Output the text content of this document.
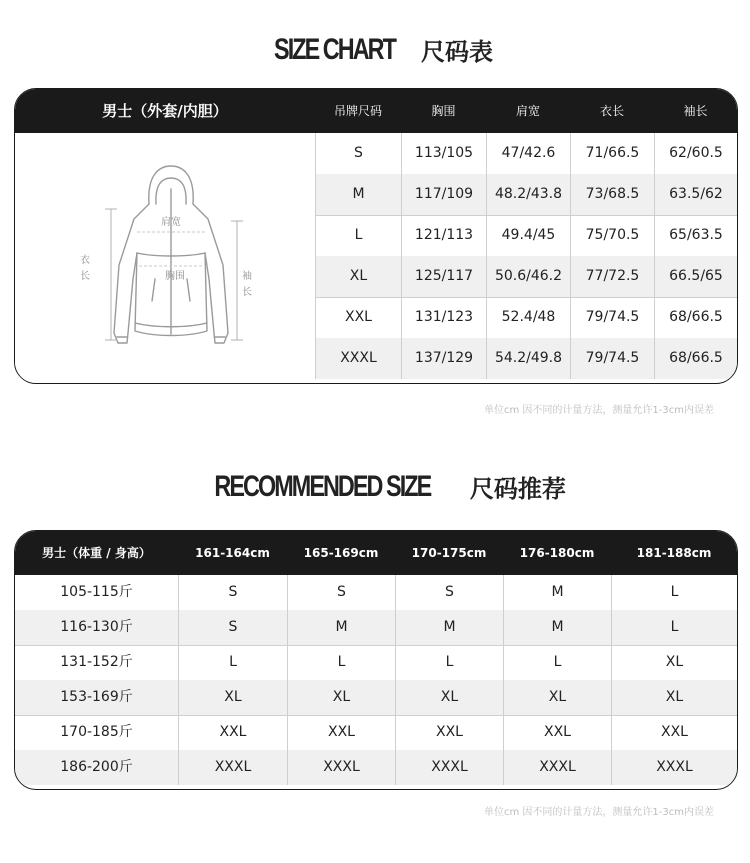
SIZE CHART 尺码表
男士（外套/内胆）	吊牌尺码	胸围	肩宽	衣长	袖长
肩宽
胸围
衣
长	袖
长
S	113/105	47/42.6	71/66.5	62/60.5
M	117/109	48.2/43.8	73/68.5	63.5/62
L	121/113	49.4/45	75/70.5	65/63.5
XL	125/117	50.6/46.2	77/72.5	66.5/65
XXL	131/123	52.4/48	79/74.5	68/66.5
XXXL	137/129	54.2/49.8	79/74.5	68/66.5
单位cm 因不同的计量方法，测量允许1-3cm内误差
RECOMMENDED SIZE 尺码推荐
男士（体重 / 身高）	161-164cm	165-169cm	170-175cm	176-180cm	181-188cm
105-115斤	S	S	S	M	L
116-130斤	S	M	M	M	L
131-152斤	L	L	L	L	XL
153-169斤	XL	XL	XL	XL	XL
170-185斤	XXL	XXL	XXL	XXL	XXL
186-200斤	XXXL	XXXL	XXXL	XXXL	XXXL
单位cm 因不同的计量方法，测量允许1-3cm内误差
